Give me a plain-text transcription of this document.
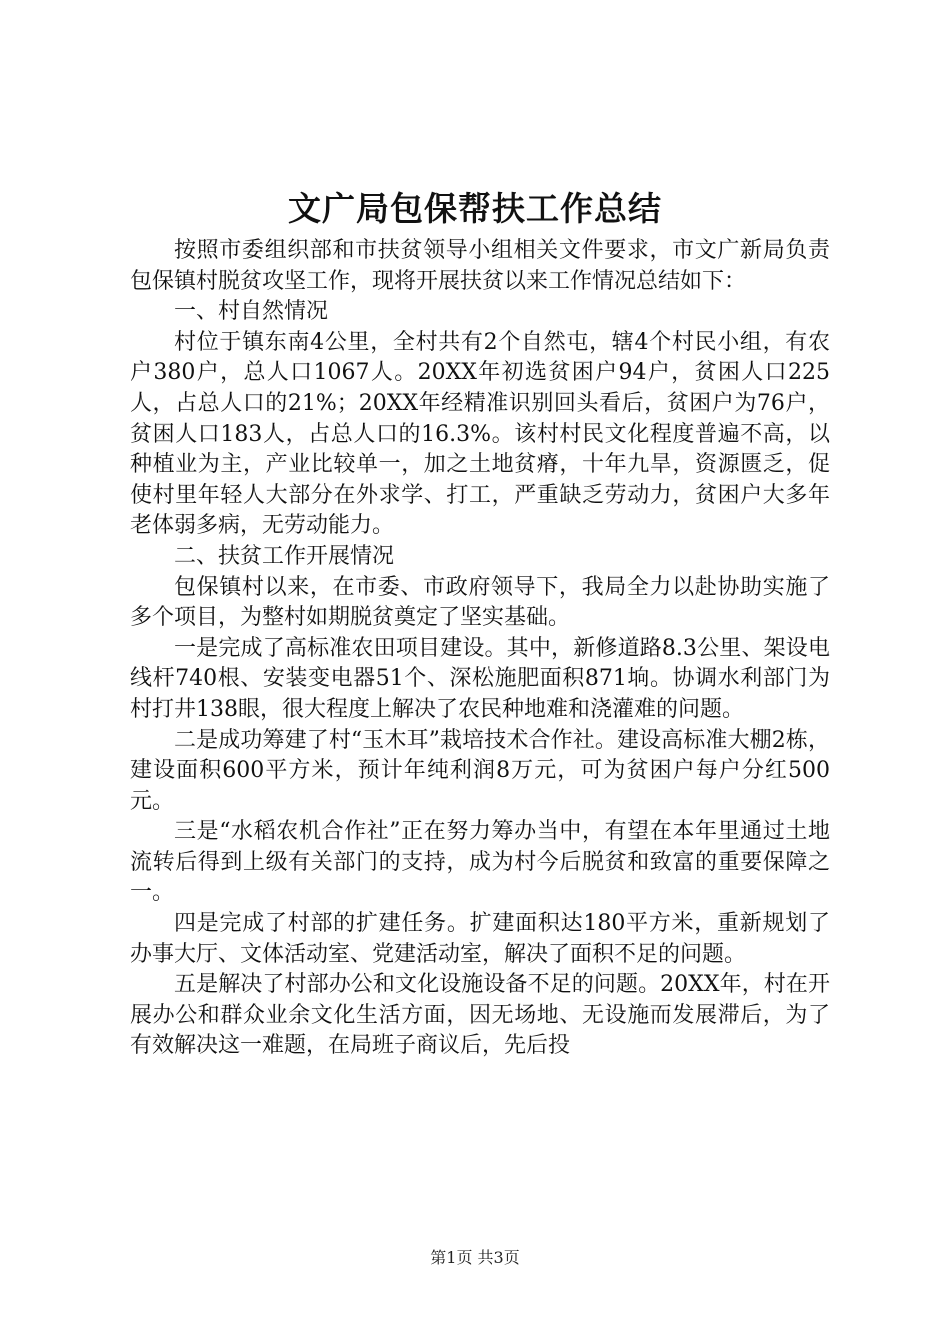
文广局包保帮扶工作总结

按照市委组织部和市扶贫领导小组相关文件要求，市文广新局负责包保镇村脱贫攻坚工作，现将开展扶贫以来工作情况总结如下：

一、村自然情况

村位于镇东南4公里，全村共有2个自然屯，辖4个村民小组，有农户380户，总人口1067人。20XX年初选贫困户94户，贫困人口225人，占总人口的21%；20XX年经精准识别回头看后，贫困户为76户，贫困人口183人，占总人口的16.3%。该村村民文化程度普遍不高，以种植业为主，产业比较单一，加之土地贫瘠，十年九旱，资源匮乏，促使村里年轻人大部分在外求学、打工，严重缺乏劳动力，贫困户大多年老体弱多病，无劳动能力。

二、扶贫工作开展情况

包保镇村以来，在市委、市政府领导下，我局全力以赴协助实施了多个项目，为整村如期脱贫奠定了坚实基础。

一是完成了高标准农田项目建设。其中，新修道路8.3公里、架设电线杆740根、安装变电器51个、深松施肥面积871垧。协调水利部门为村打井138眼，很大程度上解决了农民种地难和浇灌难的问题。

二是成功筹建了村“玉木耳”栽培技术合作社。建设高标准大棚2栋，建设面积600平方米，预计年纯利润8万元，可为贫困户每户分红500元。

三是“水稻农机合作社”正在努力筹办当中，有望在本年里通过土地流转后得到上级有关部门的支持，成为村今后脱贫和致富的重要保障之一。

四是完成了村部的扩建任务。扩建面积达180平方米，重新规划了办事大厅、文体活动室、党建活动室，解决了面积不足的问题。

五是解决了村部办公和文化设施设备不足的问题。20XX年，村在开展办公和群众业余文化生活方面，因无场地、无设施而发展滞后，为了有效解决这一难题，在局班子商议后，先后投

第1页 共3页
